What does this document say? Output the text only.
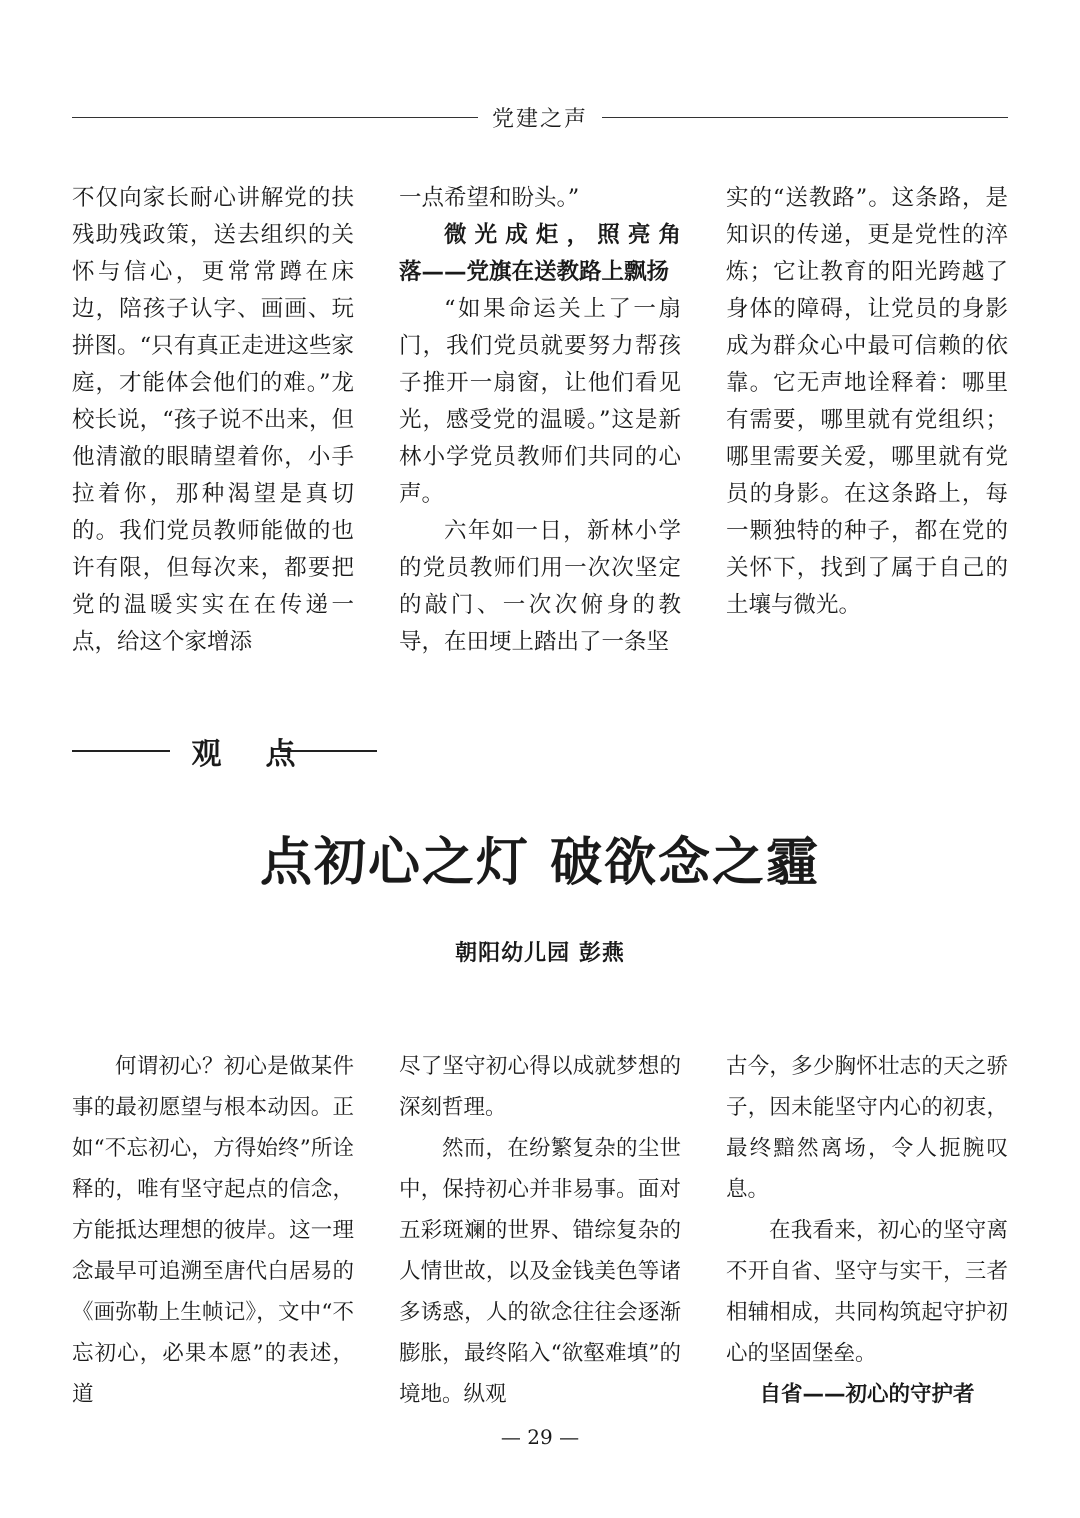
党建之声

不仅向家长耐心讲解党的扶残助残政策，送去组织的关怀与信心，更常常蹲在床边，陪孩子认字、画画、玩拼图。“只有真正走进这些家庭，才能体会他们的难。”龙校长说，“孩子说不出来，但他清澈的眼睛望着你，小手拉着你，那种渴望是真切的。我们党员教师能做的也许有限，但每次来，都要把党的温暖实实在在传递一点，给这个家增添

一点希望和盼头。”

微光成炬，照亮角
落——党旗在送教路上飘扬

“如果命运关上了一扇门，我们党员就要努力帮孩子推开一扇窗，让他们看见光，感受党的温暖。”这是新林小学党员教师们共同的心声。

六年如一日，新林小学的党员教师们用一次次坚定的敲门、一次次俯身的教导，在田埂上踏出了一条坚

实的“送教路”。这条路，是知识的传递，更是党性的淬炼；它让教育的阳光跨越了身体的障碍，让党员的身影成为群众心中最可信赖的依靠。它无声地诠释着：哪里有需要，哪里就有党组织；哪里需要关爱，哪里就有党员的身影。在这条路上，每一颗独特的种子，都在党的关怀下，找到了属于自己的土壤与微光。

观 点
点初心之灯 破欲念之霾
朝阳幼儿园 彭燕

何谓初心？初心是做某件事的最初愿望与根本动因。正如“不忘初心，方得始终”所诠释的，唯有坚守起点的信念，方能抵达理想的彼岸。这一理念最早可追溯至唐代白居易的《画弥勒上生帧记》，文中“不忘初心，必果本愿”的表述，道

尽了坚守初心得以成就梦想的深刻哲理。

然而，在纷繁复杂的尘世中，保持初心并非易事。面对五彩斑斓的世界、错综复杂的人情世故，以及金钱美色等诸多诱惑，人的欲念往往会逐渐膨胀，最终陷入“欲壑难填”的境地。纵观

古今，多少胸怀壮志的天之骄子，因未能坚守内心的初衷，最终黯然离场，令人扼腕叹息。

在我看来，初心的坚守离不开自省、坚守与实干，三者相辅相成，共同构筑起守护初心的坚固堡垒。

自省——初心的守护者
— 29 —
